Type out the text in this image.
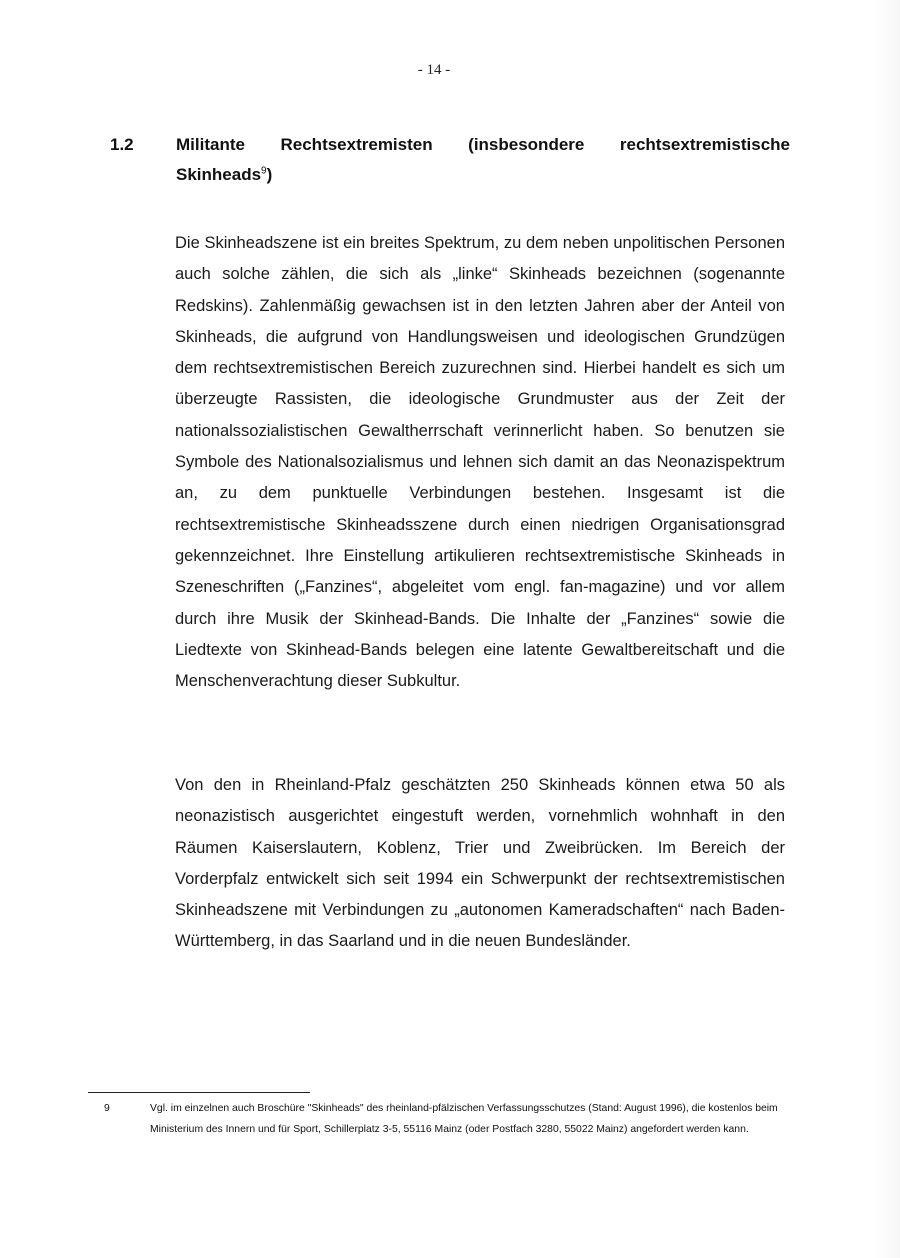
- 14 -
1.2 Militante Rechtsextremisten (insbesondere rechtsextremistische Skinheads$^9$)

Die Skinheadszene ist ein breites Spektrum, zu dem neben unpolitischen Personen auch solche zählen, die sich als „linke“ Skinheads bezeichnen (sogenannte Redskins). Zahlenmäßig gewachsen ist in den letzten Jahren aber der Anteil von Skinheads, die aufgrund von Handlungsweisen und ideologischen Grundzügen dem rechtsextremistischen Bereich zuzurechnen sind. Hierbei handelt es sich um überzeugte Rassisten, die ideologische Grundmuster aus der Zeit der nationalssozialistischen Gewaltherrschaft verinnerlicht haben. So benutzen sie Symbole des Nationalsozialismus und lehnen sich damit an das Neonazispektrum an, zu dem punktuelle Verbindungen bestehen. Insgesamt ist die rechtsextremistische Skinheadsszene durch einen niedrigen Organisationsgrad gekennzeichnet. Ihre Einstellung artikulieren rechtsextremistische Skinheads in Szeneschriften („Fanzines“, abgeleitet vom engl. fan-magazine) und vor allem durch ihre Musik der Skinhead-Bands. Die Inhalte der „Fanzines“ sowie die Liedtexte von Skinhead-Bands belegen eine latente Gewaltbereitschaft und die Menschenverachtung dieser Subkultur.

Von den in Rheinland-Pfalz geschätzten 250 Skinheads können etwa 50 als neonazistisch ausgerichtet eingestuft werden, vornehmlich wohnhaft in den Räumen Kaiserslautern, Koblenz, Trier und Zweibrücken. Im Bereich der Vorderpfalz entwickelt sich seit 1994 ein Schwerpunkt der rechtsextremistischen Skinheadszene mit Verbindungen zu „autonomen Kameradschaften“ nach Baden-Württemberg, in das Saarland und in die neuen Bundesländer.

9	Vgl. im einzelnen auch Broschüre "Skinheads" des rheinland-pfälzischen Verfassungsschutzes (Stand: August 1996), die kostenlos beim Ministerium des Innern und für Sport, Schillerplatz 3-5, 55116 Mainz (oder Postfach 3280, 55022 Mainz) angefordert werden kann.
